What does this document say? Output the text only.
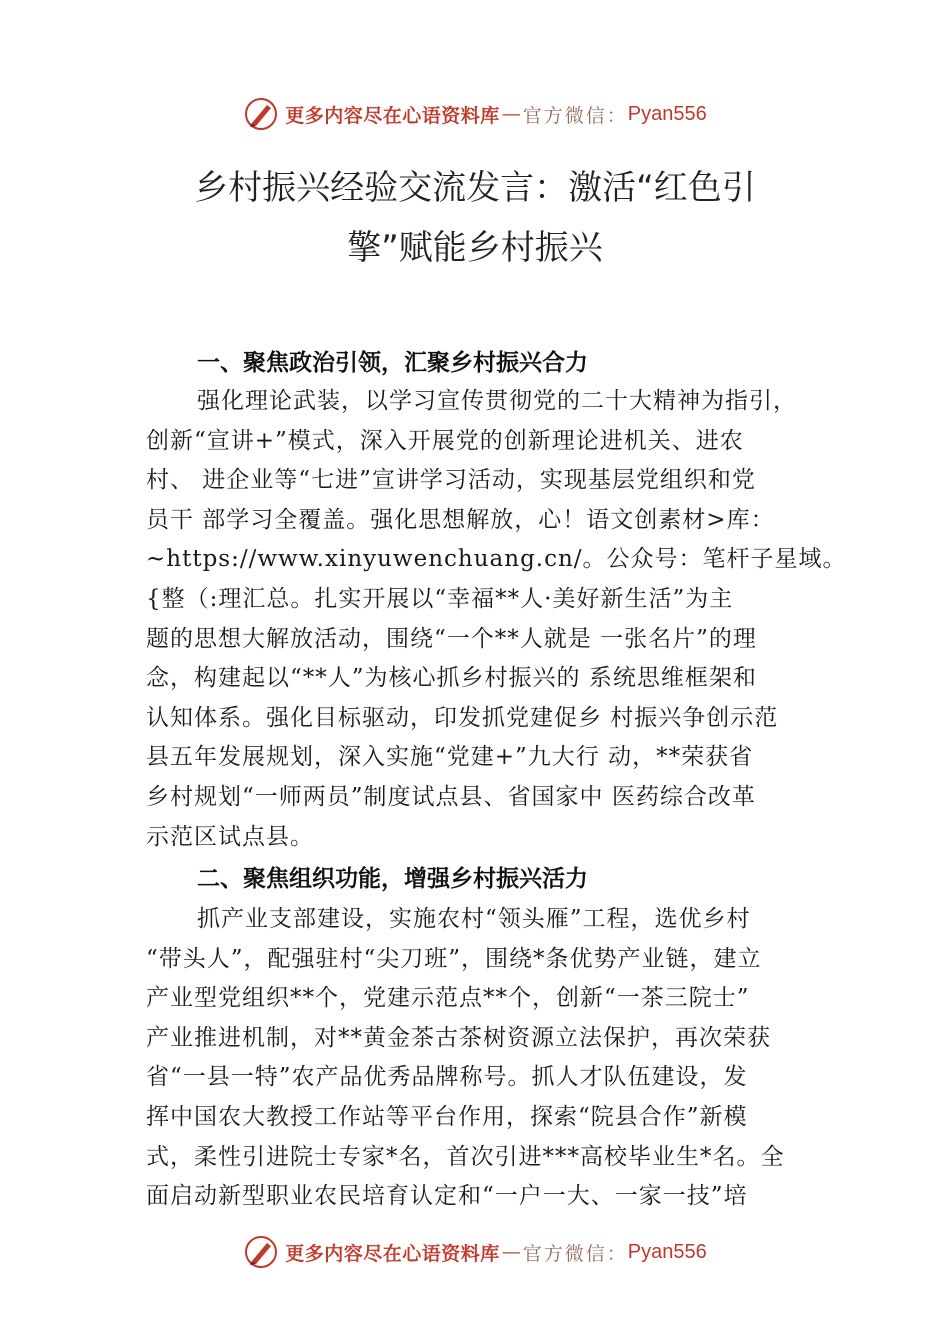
更多内容尽在心语资料库 — 官方微信： Pyan556
乡村振兴经验交流发言：激活“红色引
擎”赋能乡村振兴
一、聚焦政治引领，汇聚乡村振兴合力
强化理论武装，以学习宣传贯彻党的二十大精神为指引，
创新“宣讲+”模式，深入开展党的创新理论进机关、进农
村、 进企业等“七进”宣讲学习活动，实现基层党组织和党
员干 部学习全覆盖。强化思想解放，心！语文创素材>库：
~https://www.xinyuwenchuang.cn/。公众号：笔杆子星域。
{整（:理汇总。扎实开展以“幸福**人·美好新生活”为主
题的思想大解放活动，围绕“一个**人就是 一张名片”的理
念，构建起以“**人”为核心抓乡村振兴的 系统思维框架和
认知体系。强化目标驱动，印发抓党建促乡 村振兴争创示范
县五年发展规划，深入实施“党建+”九大行 动，**荣获省
乡村规划“一师两员”制度试点县、省国家中 医药综合改革
示范区试点县。
二、聚焦组织功能，增强乡村振兴活力
抓产业支部建设，实施农村“领头雁”工程，选优乡村
“带头人”，配强驻村“尖刀班”，围绕*条优势产业链，建立
产业型党组织**个，党建示范点**个，创新“一茶三院士”
产业推进机制，对**黄金茶古茶树资源立法保护，再次荣获
省“一县一特”农产品优秀品牌称号。抓人才队伍建设，发
挥中国农大教授工作站等平台作用，探索“院县合作”新模
式，柔性引进院士专家*名，首次引进***高校毕业生*名。全
面启动新型职业农民培育认定和“一户一大、一家一技”培
更多内容尽在心语资料库 — 官方微信： Pyan556
